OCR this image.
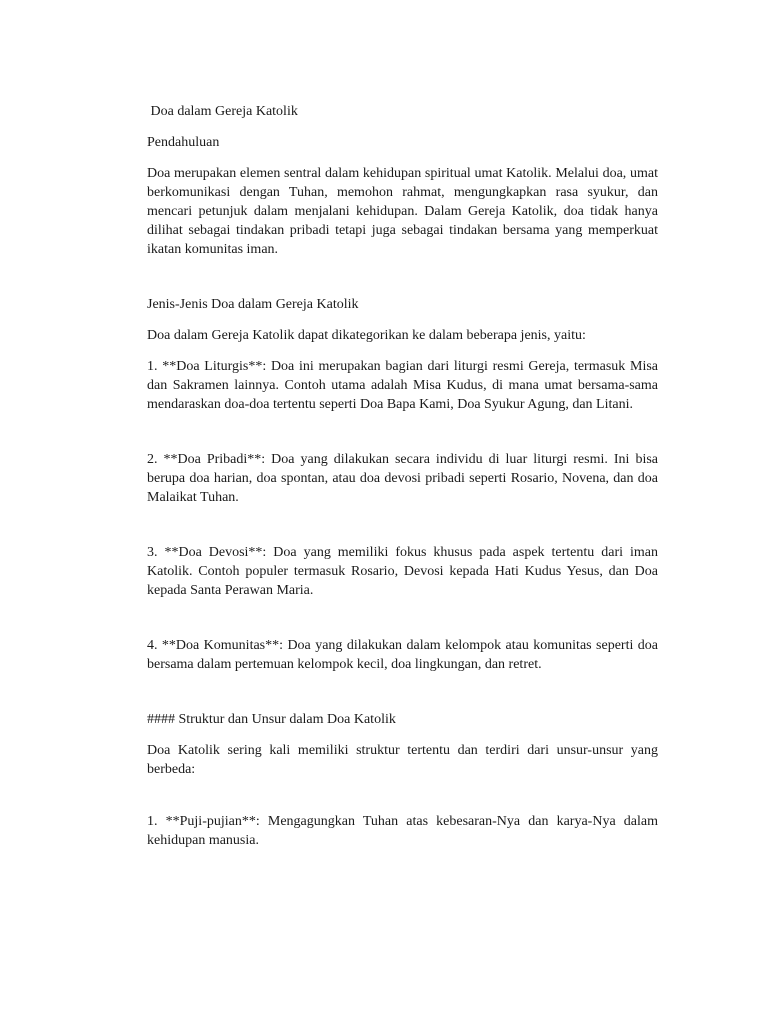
Doa dalam Gereja Katolik

Pendahuluan

Doa merupakan elemen sentral dalam kehidupan spiritual umat Katolik. Melalui doa, umat berkomunikasi dengan Tuhan, memohon rahmat, mengungkapkan rasa syukur, dan mencari petunjuk dalam menjalani kehidupan. Dalam Gereja Katolik, doa tidak hanya dilihat sebagai tindakan pribadi tetapi juga sebagai tindakan bersama yang memperkuat ikatan komunitas iman.

Jenis-Jenis Doa dalam Gereja Katolik

Doa dalam Gereja Katolik dapat dikategorikan ke dalam beberapa jenis, yaitu:

1. **Doa Liturgis**: Doa ini merupakan bagian dari liturgi resmi Gereja, termasuk Misa dan Sakramen lainnya. Contoh utama adalah Misa Kudus, di mana umat bersama-sama mendaraskan doa-doa tertentu seperti Doa Bapa Kami, Doa Syukur Agung, dan Litani.

2. **Doa Pribadi**: Doa yang dilakukan secara individu di luar liturgi resmi. Ini bisa berupa doa harian, doa spontan, atau doa devosi pribadi seperti Rosario, Novena, dan doa Malaikat Tuhan.

3. **Doa Devosi**: Doa yang memiliki fokus khusus pada aspek tertentu dari iman Katolik. Contoh populer termasuk Rosario, Devosi kepada Hati Kudus Yesus, dan Doa kepada Santa Perawan Maria.

4. **Doa Komunitas**: Doa yang dilakukan dalam kelompok atau komunitas seperti doa bersama dalam pertemuan kelompok kecil, doa lingkungan, dan retret.

#### Struktur dan Unsur dalam Doa Katolik

Doa Katolik sering kali memiliki struktur tertentu dan terdiri dari unsur-unsur yang berbeda:

1. **Puji-pujian**: Mengagungkan Tuhan atas kebesaran-Nya dan karya-Nya dalam kehidupan manusia.
